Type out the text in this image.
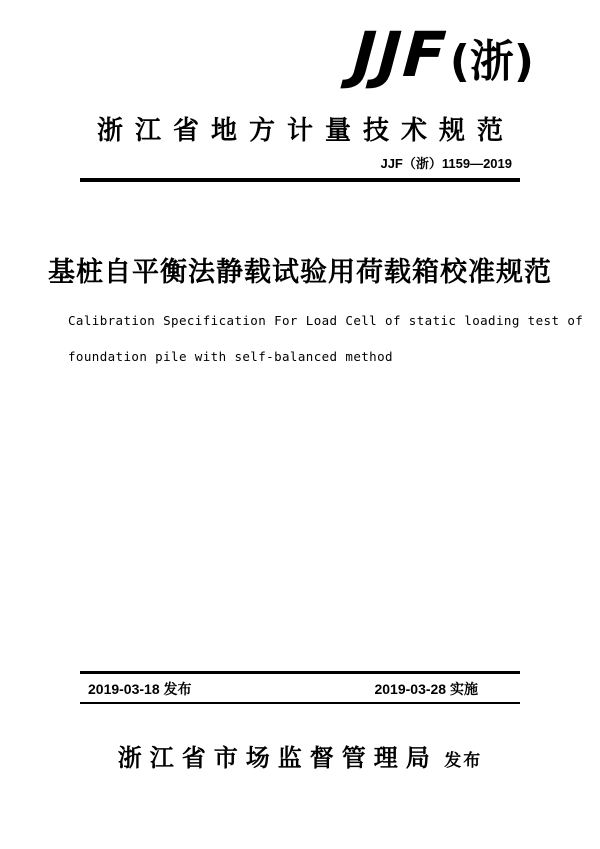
JJF (浙)
浙江省地方计量技术规范
JJF（浙）1159—2019
基桩自平衡法静载试验用荷载箱校准规范
Calibration Specification For Load Cell of static loading test of
foundation pile with self-balanced method
2019-03-18 发布	2019-03-28 实施
浙江省市场监督管理局 发布
